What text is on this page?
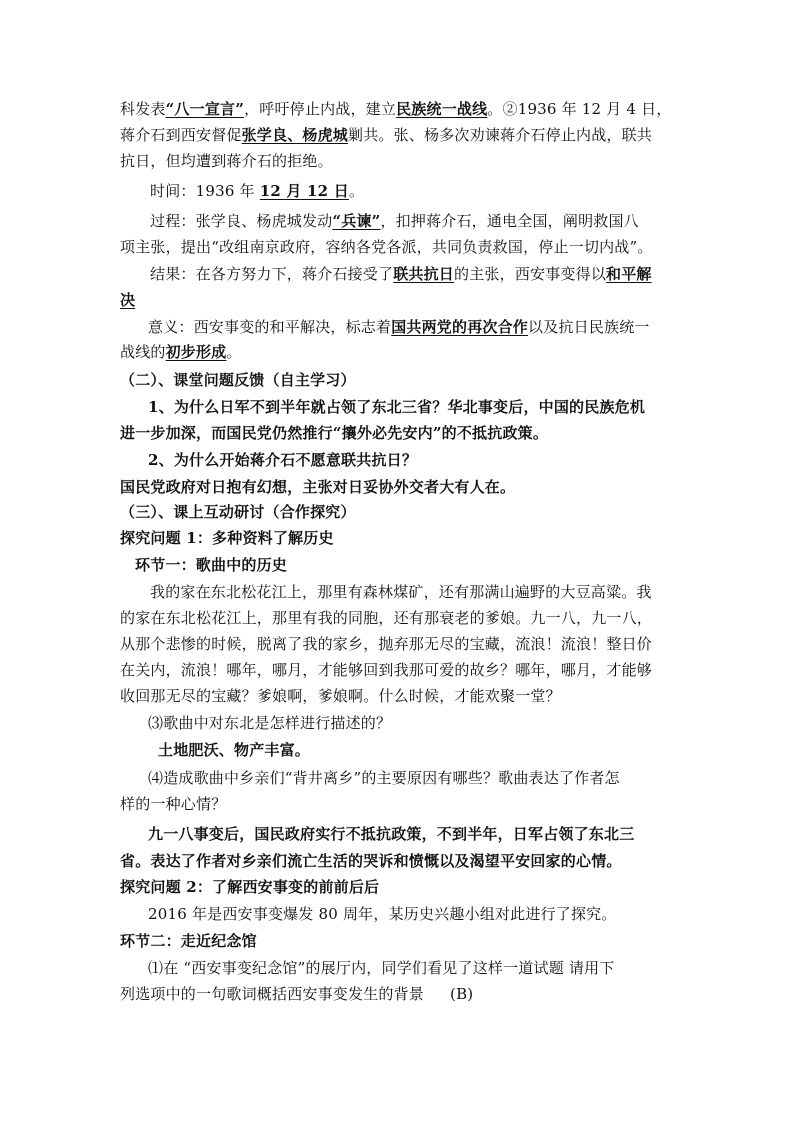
科发表“八一宣言”，呼吁停止内战，建立民族统一战线。②1936 年 12 月 4 日，
蒋介石到西安督促张学良、杨虎城剿共。张、杨多次劝谏蒋介石停止内战，联共
抗日，但均遭到蒋介石的拒绝。
时间：1936 年 12 月 12 日。
过程：张学良、杨虎城发动“兵谏”，扣押蒋介石，通电全国，阐明救国八
项主张，提出“改组南京政府，容纳各党各派，共同负责救国，停止一切内战”。
结果：在各方努力下，蒋介石接受了联共抗日的主张，西安事变得以和平解
决
意义：西安事变的和平解决，标志着国共两党的再次合作以及抗日民族统一
战线的初步形成。
（二）、课堂问题反馈（自主学习）
1、为什么日军不到半年就占领了东北三省？华北事变后，中国的民族危机
进一步加深，而国民党仍然推行“攘外必先安内”的不抵抗政策。
2、为什么开始蒋介石不愿意联共抗日？
国民党政府对日抱有幻想，主张对日妥协外交者大有人在。
（三）、课上互动研讨（合作探究）
探究问题 1：多种资料了解历史
环节一：歌曲中的历史
我的家在东北松花江上，那里有森林煤矿，还有那满山遍野的大豆高粱。我
的家在东北松花江上，那里有我的同胞，还有那衰老的爹娘。九一八，九一八，
从那个悲惨的时候，脱离了我的家乡，抛弃那无尽的宝藏，流浪！流浪！整日价
在关内，流浪！哪年，哪月，才能够回到我那可爱的故乡？哪年，哪月，才能够
收回那无尽的宝藏？爹娘啊，爹娘啊。什么时候，才能欢聚一堂？
⑶歌曲中对东北是怎样进行描述的？
土地肥沃、物产丰富。
⑷造成歌曲中乡亲们“背井离乡”的主要原因有哪些？歌曲表达了作者怎
样的一种心情？
九一八事变后，国民政府实行不抵抗政策，不到半年，日军占领了东北三
省。表达了作者对乡亲们流亡生活的哭诉和愤慨以及渴望平安回家的心情。
探究问题 2：了解西安事变的前前后后
2016 年是西安事变爆发 80 周年，某历史兴趣小组对此进行了探究。
环节二：走近纪念馆
⑴在 “西安事变纪念馆”的展厅内，同学们看见了这样一道试题 请用下
列选项中的一句歌词概括西安事变发生的背景 (B)
